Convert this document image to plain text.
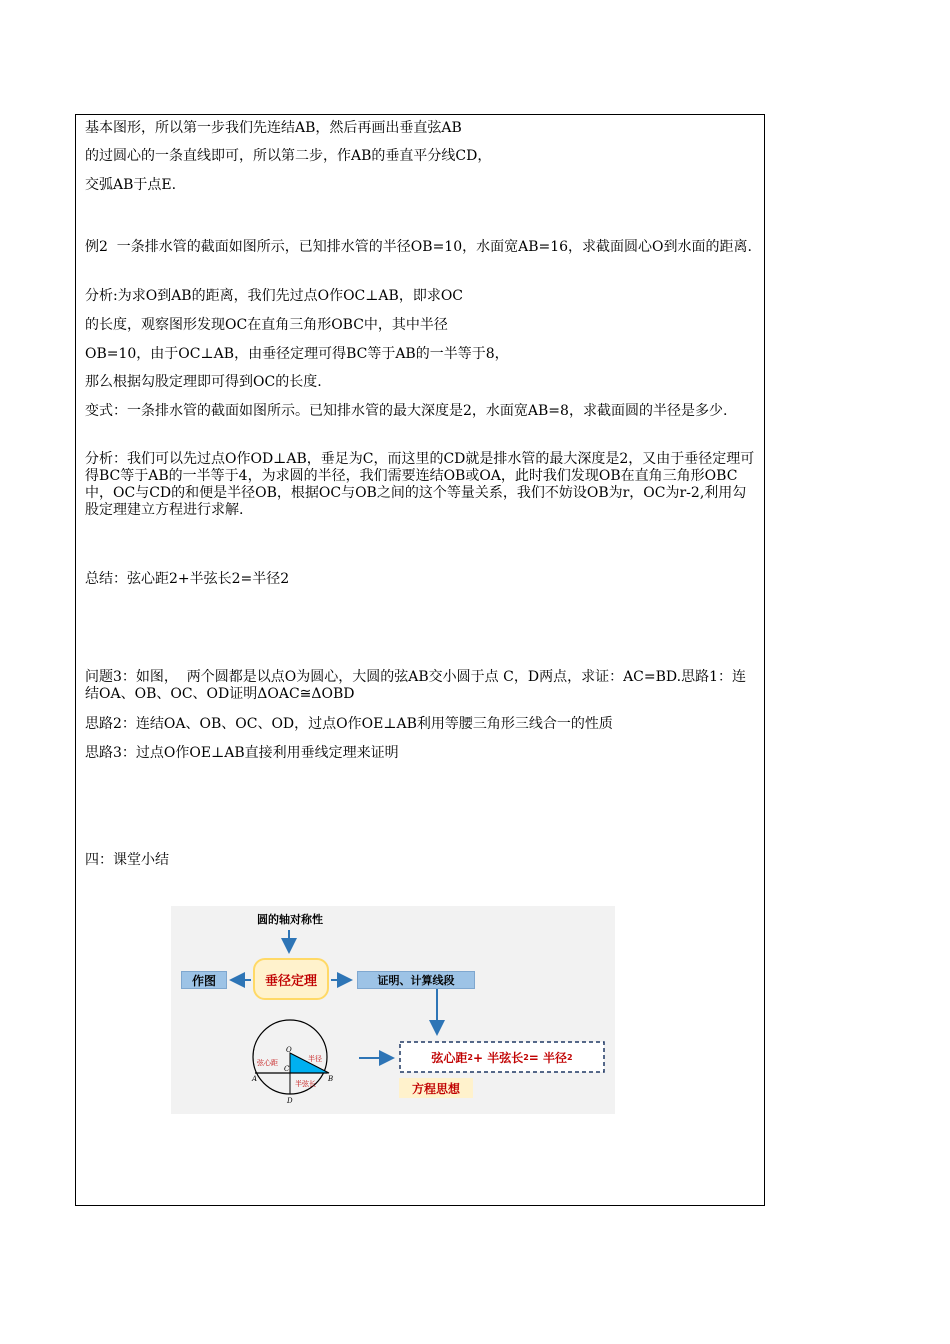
基本图形，所以第一步我们先连结AB，然后再画出垂直弦AB
的过圆心的一条直线即可，所以第二步，作AB的垂直平分线CD，
交弧AB于点E.
例2  一条排水管的截面如图所示，已知排水管的半径OB=10，水面宽AB=16，求截面圆心O到水面的距离.
分析:为求O到AB的距离，我们先过点O作OC⊥AB，即求OC
的长度，观察图形发现OC在直角三角形OBC中，其中半径
OB=10，由于OC⊥AB，由垂径定理可得BC等于AB的一半等于8，
那么根据勾股定理即可得到OC的长度.
变式：一条排水管的截面如图所示。已知排水管的最大深度是2，水面宽AB=8，求截面圆的半径是多少.
分析：我们可以先过点O作OD⊥AB，垂足为C，而这里的CD就是排水管的最大深度是2，又由于垂径定理可得BC等于AB的一半等于4，为求圆的半径，我们需要连结OB或OA，此时我们发现OB在直角三角形OBC中，OC与CD的和便是半径OB，根据OC与OB之间的这个等量关系，我们不妨设OB为r，OC为r-2,利用勾股定理建立方程进行求解.
总结：弦心距2+半弦长2=半径2
问题3：如图，  两个圆都是以点O为圆心，大圆的弦AB交小圆于点 C，D两点，求证：AC=BD.思路1：连结OA、OB、OC、OD证明ΔOAC≅ΔOBD
思路2：连结OA、OB、OC、OD，过点O作OE⊥AB利用等腰三角形三线合一的性质
思路3：过点O作OE⊥AB直接利用垂线定理来证明
四：课堂小结
O
A	B
C
D
弦心距	半径
半弦长
圆的轴对称性
作图	垂径定理	证明、计算线段
弦心距 2 + 半弦长 2 = 半径 2
方程思想
